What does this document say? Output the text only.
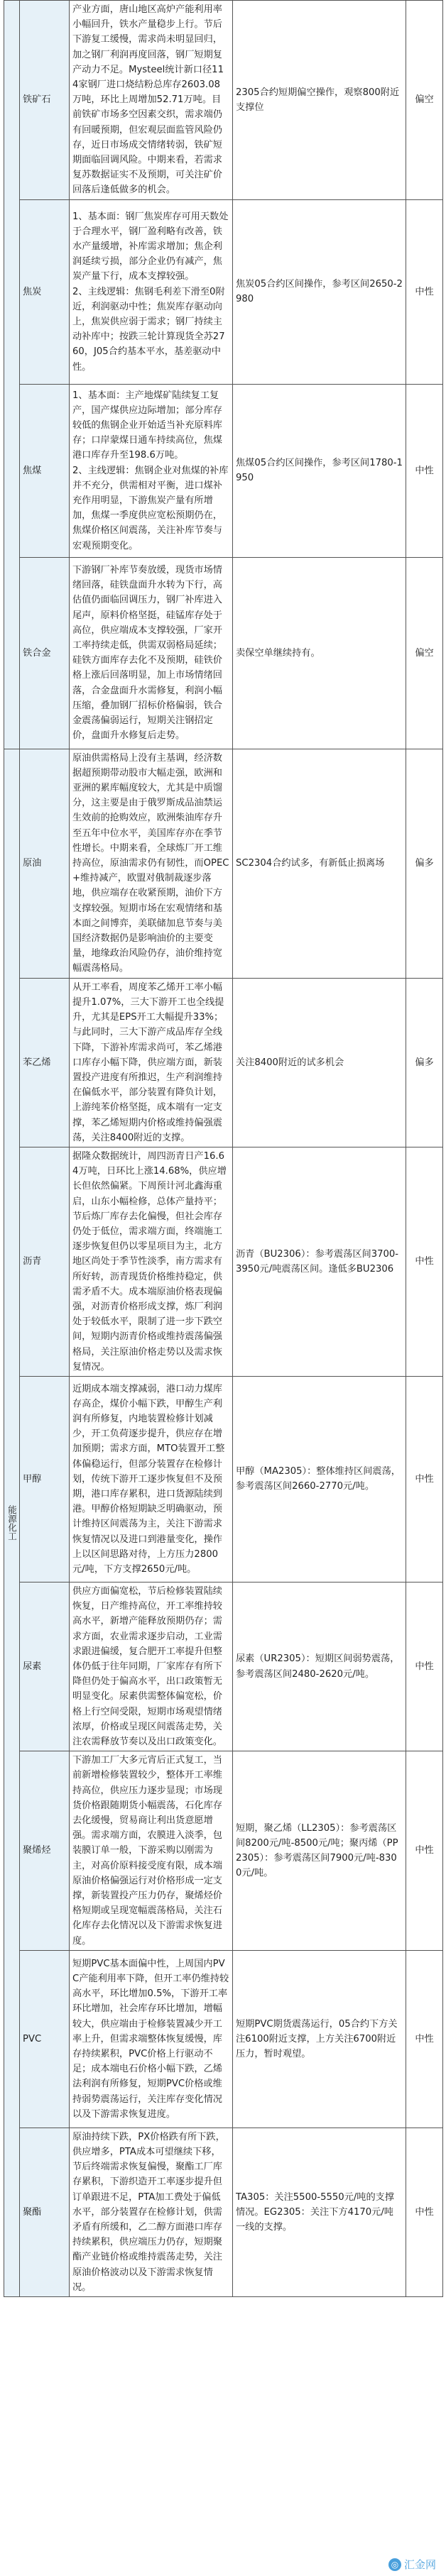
	铁矿石	产业方面，唐山地区高炉产能利用率小幅回升，铁水产量稳步上行。节后下游复工缓慢，需求尚未明显回归，加之钢厂利润再度回落，钢厂短期复产动力不足。Mysteel统计新口径114家钢厂进口烧结粉总库存2603.08万吨，环比上周增加52.71万吨。目前铁矿市场多空因素交织，需求端仍有回暖预期，但宏观层面监管风险仍存，近日市场成交情绪转弱，铁矿短期面临回调风险。中期来看，若需求复苏数据证实不及预期，可关注矿价回落后逢低做多的机会。	2305合约短期偏空操作，观察800附近支撑位	偏空
	焦炭	1、基本面：钢厂焦炭库存可用天数处于合理水平，钢厂盈利略有改善，铁水产量缓增，补库需求增加；焦企利润延续亏损，部分企业仍有减产，焦炭产量下行，成本支撑较强。
2、主线逻辑：焦钢毛利差下滑至0附近，利润驱动中性；焦炭库存驱动向上，焦炭供应弱于需求；钢厂持续主动补库中；按跌三轮计算现货全苏2760，J05合约基本平水，基差驱动中性。	焦炭05合约区间操作，参考区间2650-2980	中性
	焦煤	1、基本面：主产地煤矿陆续复工复产，国产煤供应边际增加；部分库存较低的焦钢企业开始适当补充原料库存；口岸蒙煤日通车持续高位，焦煤港口库存升至198.6万吨。
2、主线逻辑：焦钢企业对焦煤的补库并不充分，供需相对平衡，进口煤补充作用明显，下游焦炭产量有所增加，焦煤一季度供应宽松预期仍在，焦煤价格区间震荡，关注补库节奏与宏观预期变化。	焦煤05合约区间操作，参考区间1780-1950	中性
	铁合金	下游钢厂补库节奏放缓，现货市场情绪回落，硅铁盘面升水转为下行，高估值仍面临回调压力，钢厂补库进入尾声，原料价格坚挺，硅锰库存处于高位，供应端成本支撑较强，厂家开工率持续走低，供需双弱格局延续；硅铁方面库存去化不及预期，硅铁价格上涨后回落明显，加上市场情绪回落，合金盘面升水需修复，利润小幅压缩，叠加钢厂招标价格偏弱，铁合金震荡偏弱运行，短期关注钢招定价，盘面升水修复后走势。	卖保空单继续持有。	偏空
能源化工	原油	原油供需格局上没有主基调，经济数据超预期带动股市大幅走强，欧洲和亚洲的累库幅度较大，尤其是中质馏分，这主要是由于俄罗斯成品油禁运生效前的抢购效应，欧洲柴油库存升至五年中位水平，美国库存亦在季节性增长。中期来看，全球炼厂开工维持高位，原油需求仍有韧性，而OPEC+维持减产，欧盟对俄制裁逐步落地，供应端存在收紧预期，油价下方支撑较强。短期市场在宏观情绪和基本面之间博弈，美联储加息节奏与美国经济数据仍是影响油价的主要变量，地缘政治风险仍存，油价维持宽幅震荡格局。	SC2304合约试多，有新低止损离场	偏多
	苯乙烯	从开工率看，周度苯乙烯开工率小幅提升1.07%，三大下游开工也全线提升，尤其是EPS开工大幅提升33%；与此同时，三大下游产成品库存全线下降，下游补库需求尚可，苯乙烯港口库存小幅下降，供应端方面，新装置投产进度有所推迟，生产利润维持在偏低水平，部分装置有降负计划，上游纯苯价格坚挺，成本端有一定支撑，苯乙烯短期内价格或维持偏强震荡，关注8400附近的支撑。	关注8400附近的试多机会	偏多
	沥青	据隆众数据统计，周四沥青日产16.64万吨，日环比上涨14.68%，供应增长但依然偏紧。下周预计河北鑫海重启，山东小幅检修，总体产量持平；节后炼厂库存去化偏慢，但社会库存仍处于低位，需求端方面，终端施工逐步恢复但仍以零星项目为主，北方地区尚处于季节性淡季，南方需求有所好转，沥青现货价格维持稳定，供需矛盾不大。成本端原油价格表现偏强，对沥青价格形成支撑，炼厂利润处于较低水平，限制了进一步下跌空间，短期内沥青价格或维持震荡偏强格局，关注原油价格走势以及需求恢复情况。	沥青（BU2306）：参考震荡区间3700-3950元/吨震荡区间。逢低多BU2306	中性
	甲醇	近期成本端支撑减弱，港口动力煤库存高企，煤价小幅下跌，甲醇生产利润有所修复，内地装置检修计划减少，开工负荷逐步提升，供应存在增加预期；需求方面，MTO装置开工整体偏稳运行，但部分装置存在检修计划，传统下游开工逐步恢复但不及预期，港口库存累积，进口货源陆续到港。甲醇价格短期缺乏明确驱动，预计维持区间震荡为主，关注下游需求恢复情况以及进口到港量变化，操作上以区间思路对待，上方压力2800元/吨，下方支撑2650元/吨。	甲醇（MA2305）：整体维持区间震荡，参考震荡区间2660-2770元/吨。	中性
	尿素	供应方面偏宽松，节后检修装置陆续恢复，日产维持高位，开工率维持较高水平，新增产能释放预期仍存；需求方面，农业需求逐步启动，工业需求跟进偏缓，复合肥开工率提升但整体仍低于往年同期，厂家库存有所下降但仍处于偏高水平，出口政策暂无明显变化。尿素供需整体偏宽松，价格上行空间受限，短期市场观望情绪浓厚，价格或呈现区间震荡走势，关注农需释放节奏以及出口政策变化。	尿素（UR2305）：短期区间弱势震荡，参考震荡区间2480-2620元/吨。	中性
	聚烯烃	下游加工厂大多元宵后正式复工，当前新增检修装置较少，整体开工率维持高位，供应压力逐步显现；市场现货价格跟随期货小幅震荡，石化库存去化缓慢，贸易商让利出货意愿增强。需求端方面，农膜进入淡季，包装膜订单一般，下游采购以刚需为主，对高价原料接受度有限，成本端原油价格偏强运行对价格形成一定支撑，新装置投产压力仍存，聚烯烃价格短期或呈现宽幅震荡格局，关注石化库存去化情况以及下游需求恢复进度。	短期，聚乙烯（LL2305）：参考震荡区间8200元/吨-8500元/吨；聚丙烯（PP2305）：参考震荡区间7900元/吨-8300元/吨。	中性
	PVC	短期PVC基本面偏中性，上周国内PVC产能利用率下降，但开工率仍维持较高水平，环比增加0.5%，下游开工率环比增加，社会库存环比增加，增幅较大，供应端由于检修装置减少开工率上升，但需求端整体恢复缓慢，库存持续累积，PVC价格上行驱动不足；成本端电石价格小幅下跌，乙烯法利润有所修复，短期PVC价格或维持弱势震荡运行，关注库存变化情况以及下游需求恢复进度。	短期PVC期货震荡运行，05合约下方关注6100附近支撑，上方关注6700附近压力，暂时观望。	中性
	聚酯	原油持续下跌，PX价格跌有所下跌，供应增多，PTA成本可望继续下移，节后终端需求恢复偏慢，聚酯工厂库存累积，下游织造开工率逐步提升但订单跟进不足，PTA加工费处于偏低水平，部分装置存在检修计划，供需矛盾有所缓和，乙二醇方面港口库存持续累积，供应端压力仍存，短期聚酯产业链价格或维持震荡走势，关注原油价格波动以及下游需求恢复情况。	TA305：关注5500-5550元/吨的支撑情况。EG2305：关注下方4170元/吨一线的支撑。	中性
◎ 汇金网
